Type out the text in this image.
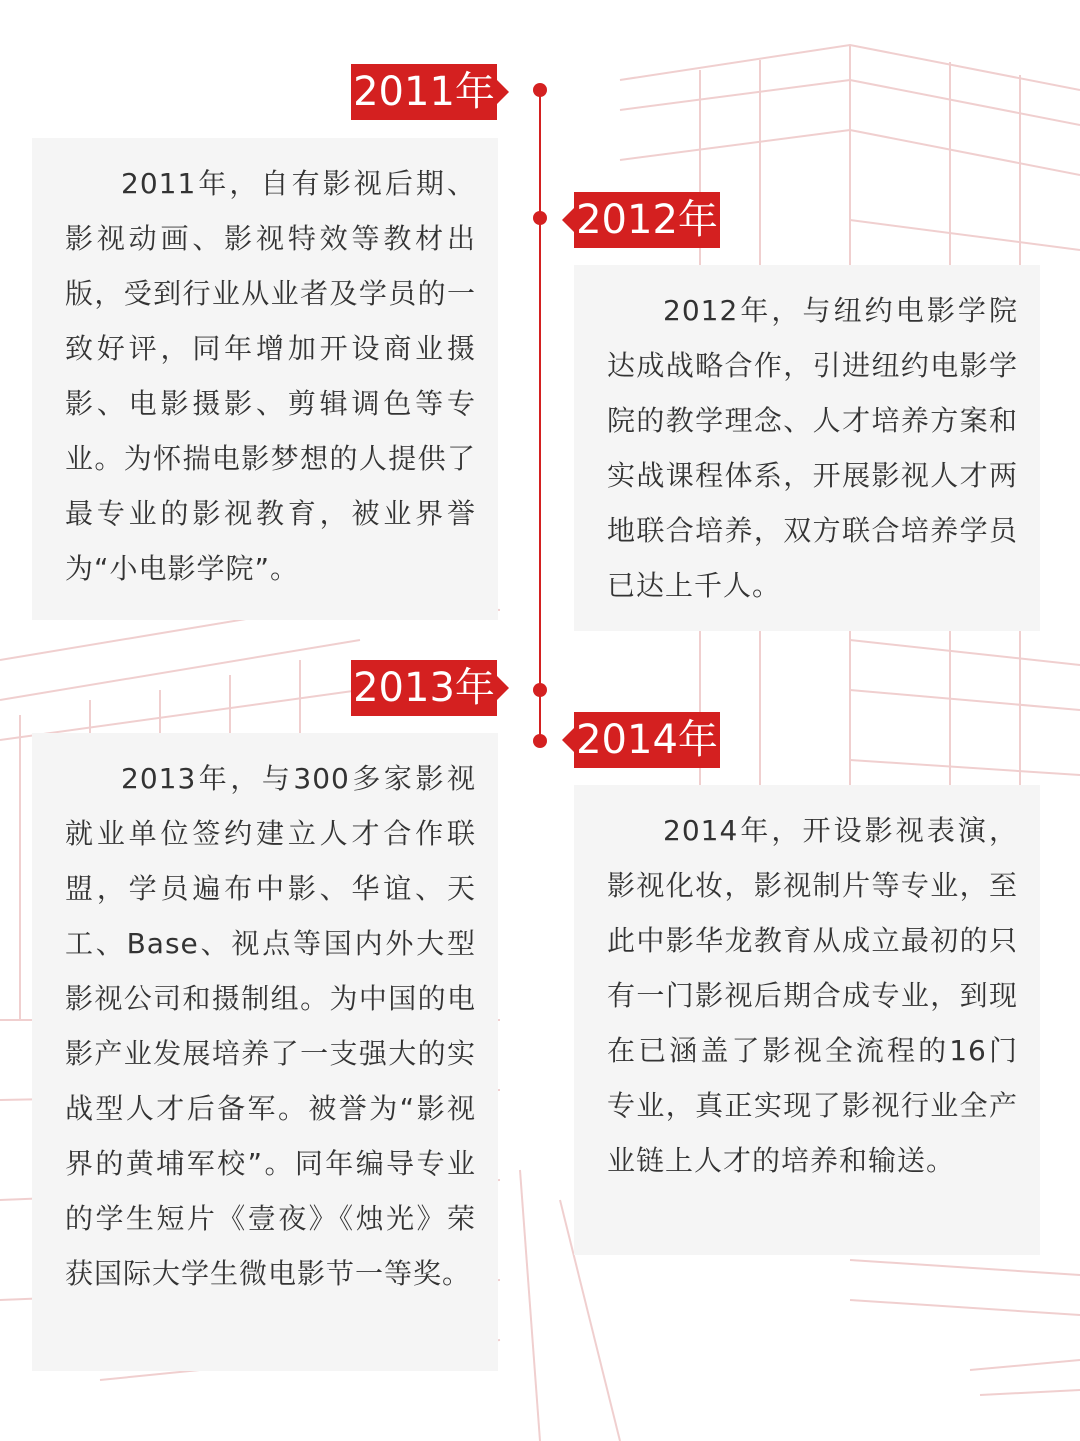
2011年

2011年，自有影视后期、影视动画、影视特效等教材出版，受到行业从业者及学员的一致好评，同年增加开设商业摄影、电影摄影、剪辑调色等专业。为怀揣电影梦想的人提供了最专业的影视教育，被业界誉为“小电影学院”。

2012年

2012年，与纽约电影学院达成战略合作，引进纽约电影学院的教学理念、人才培养方案和实战课程体系，开展影视人才两地联合培养，双方联合培养学员已达上千人。

2013年

2013年，与300多家影视就业单位签约建立人才合作联盟，学员遍布中影、华谊、天工、Base、视点等国内外大型影视公司和摄制组。为中国的电影产业发展培养了一支强大的实战型人才后备军。被誉为“影视界的黄埔军校”。同年编导专业的学生短片《壹夜》《烛光》荣获国际大学生微电影节一等奖。

2014年

2014年，开设影视表演，影视化妆，影视制片等专业，至此中影华龙教育从成立最初的只有一门影视后期合成专业，到现在已涵盖了影视全流程的16门专业，真正实现了影视行业全产业链上人才的培养和输送。
